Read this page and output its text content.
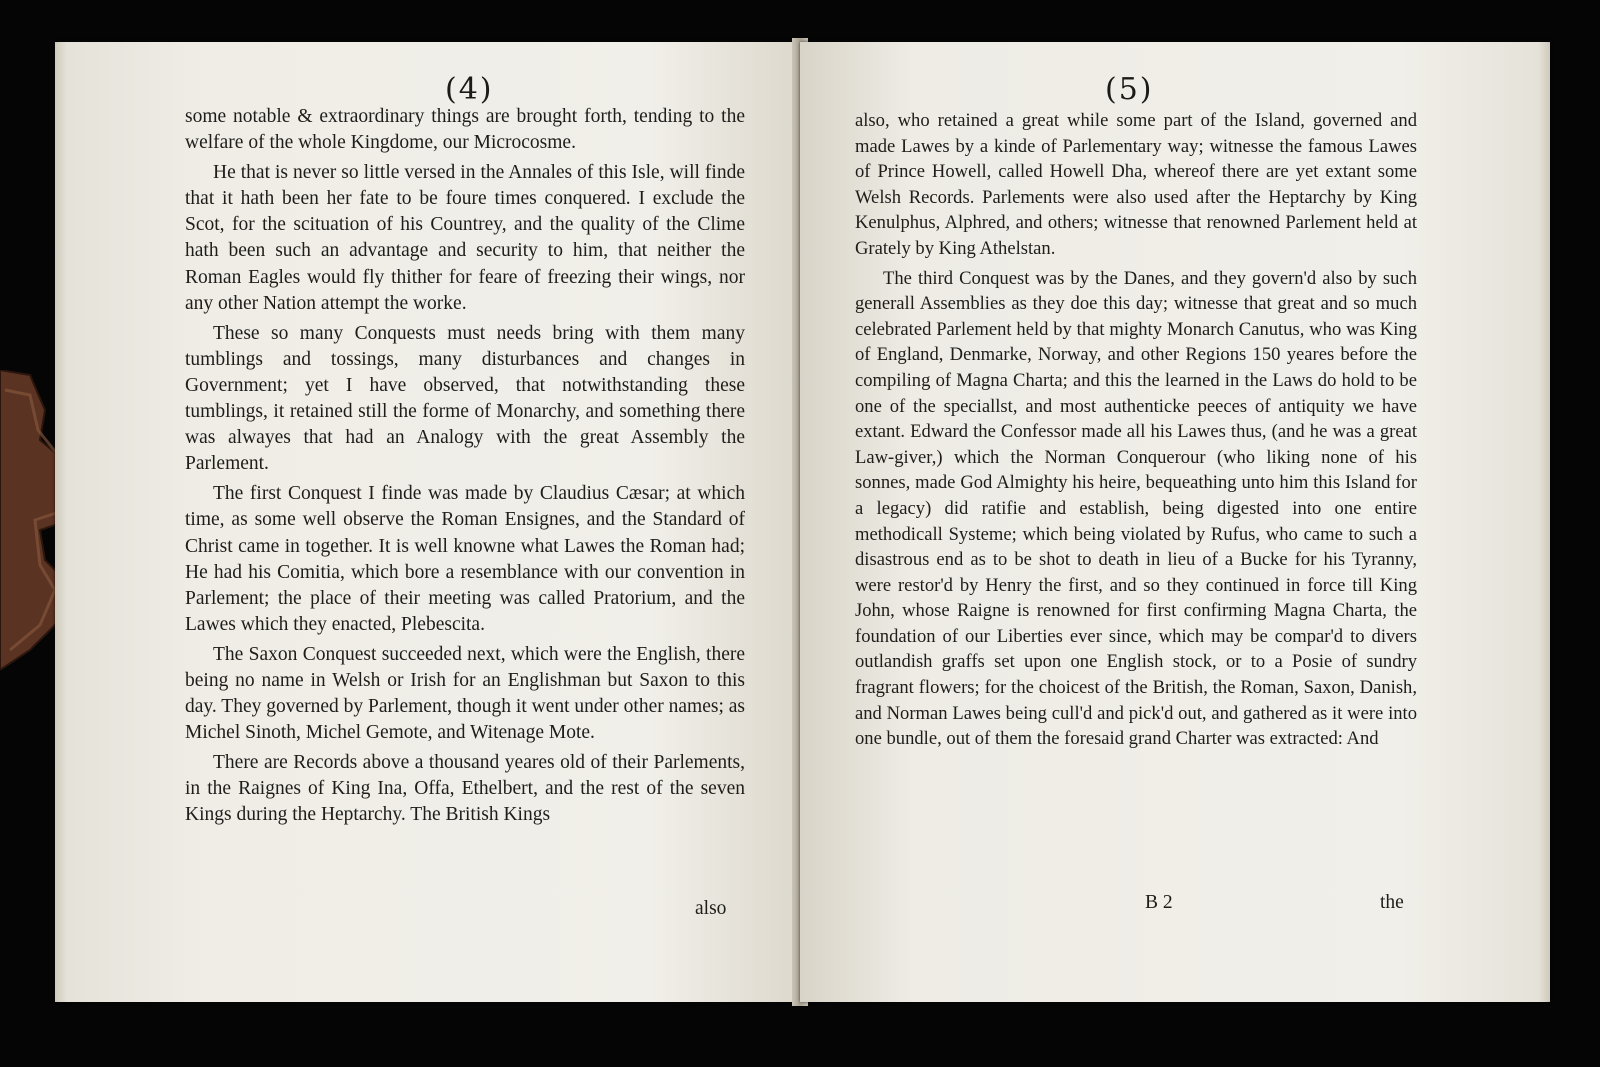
(4)

some notable & extraordinary things are brought forth, tending to the welfare of the whole Kingdome, our Microcosme.

He that is never so little versed in the Annales of this Isle, will finde that it hath been her fate to be foure times conquered. I exclude the Scot, for the scituation of his Countrey, and the quality of the Clime hath been such an advantage and security to him, that neither the Roman Eagles would fly thither for feare of freezing their wings, nor any other Nation attempt the worke.

These so many Conquests must needs bring with them many tumblings and tossings, many disturbances and changes in Government; yet I have observed, that notwithstanding these tumblings, it retained still the forme of Monarchy, and something there was alwayes that had an Analogy with the great Assembly the Parlement.

The first Conquest I finde was made by Claudius Cæsar; at which time, as some well observe the Roman Ensignes, and the Standard of Christ came in together. It is well knowne what Lawes the Roman had; He had his Comitia, which bore a resemblance with our convention in Parlement; the place of their meeting was called Pratorium, and the Lawes which they enacted, Plebescita.

The Saxon Conquest succeeded next, which were the English, there being no name in Welsh or Irish for an Englishman but Saxon to this day. They governed by Parlement, though it went under other names; as Michel Sinoth, Michel Gemote, and Witenage Mote.

There are Records above a thousand yeares old of their Parlements, in the Raignes of King Ina, Offa, Ethelbert, and the rest of the seven Kings during the Heptarchy. The British Kings

also
(5)

also, who retained a great while some part of the Island, governed and made Lawes by a kinde of Parlementary way; witnesse the famous Lawes of Prince Howell, called Howell Dha, whereof there are yet extant some Welsh Records. Parlements were also used after the Heptarchy by King Kenulphus, Alphred, and others; witnesse that renowned Parlement held at Grately by King Athelstan.

The third Conquest was by the Danes, and they govern'd also by such generall Assemblies as they doe this day; witnesse that great and so much celebrated Parlement held by that mighty Monarch Canutus, who was King of England, Denmarke, Norway, and other Regions 150 yeares before the compiling of Magna Charta; and this the learned in the Laws do hold to be one of the speciallst, and most authenticke peeces of antiquity we have extant. Edward the Confessor made all his Lawes thus, (and he was a great Law-giver,) which the Norman Conquerour (who liking none of his sonnes, made God Almighty his heire, bequeathing unto him this Island for a legacy) did ratifie and establish, being digested into one entire methodicall Systeme; which being violated by Rufus, who came to such a disastrous end as to be shot to death in lieu of a Bucke for his Tyranny, were restor'd by Henry the first, and so they continued in force till King John, whose Raigne is renowned for first confirming Magna Charta, the foundation of our Liberties ever since, which may be compar'd to divers outlandish graffs set upon one English stock, or to a Posie of sundry fragrant flowers; for the choicest of the British, the Roman, Saxon, Danish, and Norman Lawes being cull'd and pick'd out, and gathered as it were into one bundle, out of them the foresaid grand Charter was extracted: And

B 2	the
